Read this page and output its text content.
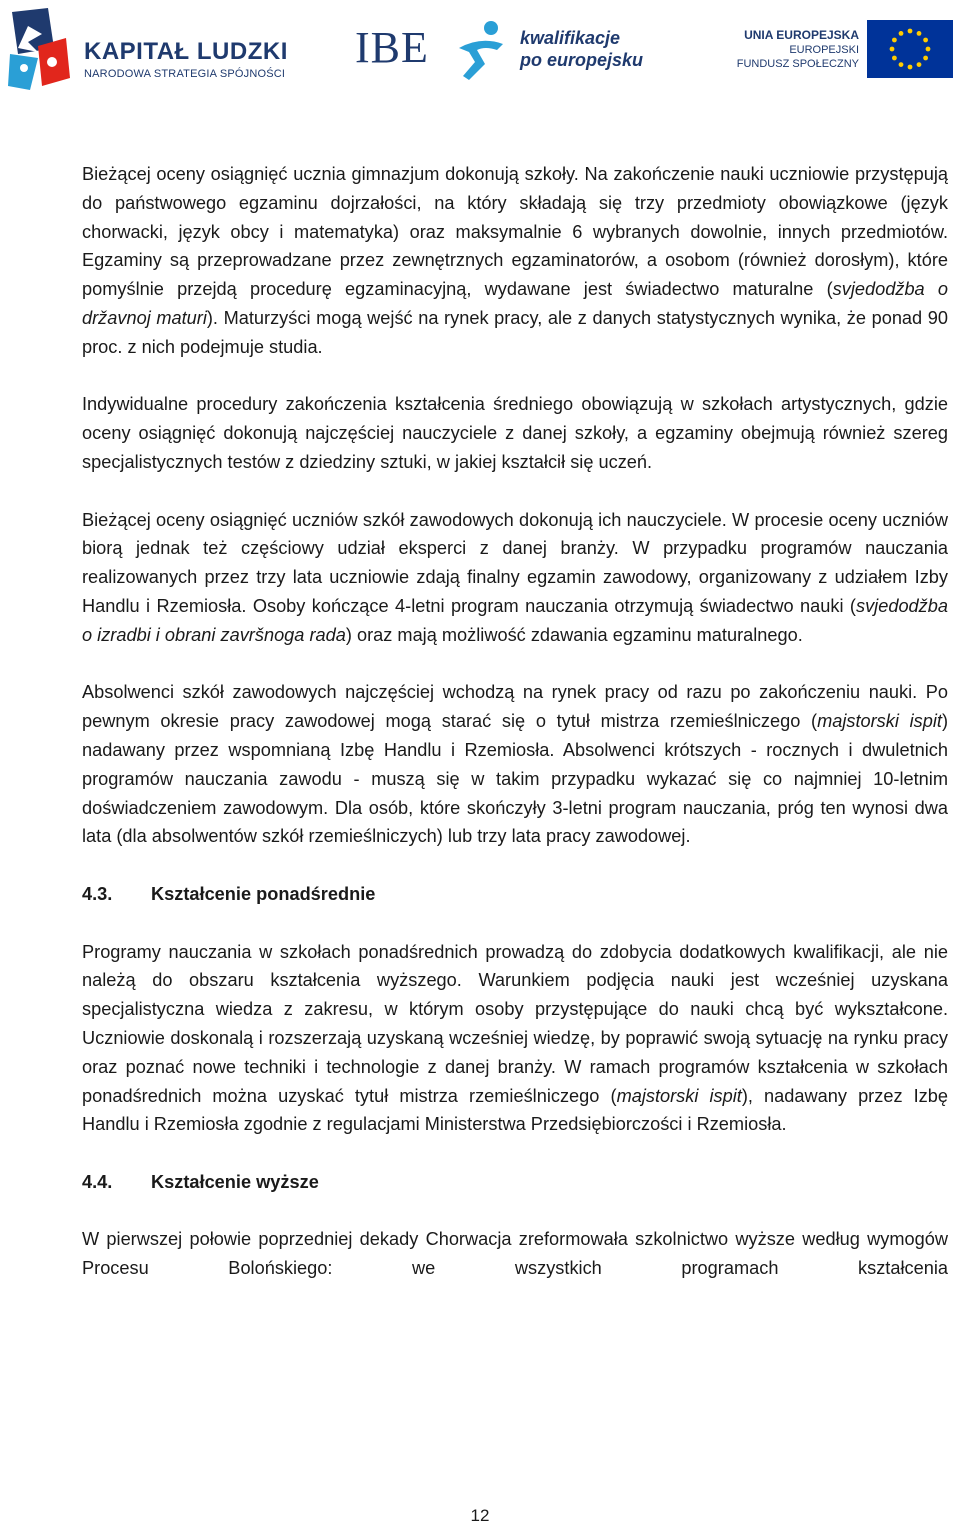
KAPITAŁ LUDZKI
NARODOWA STRATEGIA SPÓJNOŚCI
IBE	kwalifikacje
po europejsku
UNIA EUROPEJSKA
EUROPEJSKI
FUNDUSZ SPOŁECZNY

Bieżącej oceny osiągnięć ucznia gimnazjum dokonują szkoły. Na zakończenie nauki uczniowie przystępują do państwowego egzaminu dojrzałości, na który składają się trzy przedmioty obowiązkowe (język chorwacki, język obcy i matematyka) oraz maksymalnie 6 wybranych dowolnie, innych przedmiotów. Egzaminy są przeprowadzane przez zewnętrznych egzaminatorów, a osobom (również dorosłym), które pomyślnie przejdą procedurę egzaminacyjną, wydawane jest świadectwo maturalne (svjedodžba o državnoj maturi). Maturzyści mogą wejść na rynek pracy, ale z danych statystycznych wynika, że ponad 90 proc. z nich podejmuje studia.

Indywidualne procedury zakończenia kształcenia średniego obowiązują w szkołach artystycznych, gdzie oceny osiągnięć dokonują najczęściej nauczyciele z danej szkoły, a egzaminy obejmują również szereg specjalistycznych testów z dziedziny sztuki, w jakiej kształcił się uczeń.

Bieżącej oceny osiągnięć uczniów szkół zawodowych dokonują ich nauczyciele. W procesie oceny uczniów biorą jednak też częściowy udział eksperci z danej branży. W przypadku programów nauczania realizowanych przez trzy lata uczniowie zdają finalny egzamin zawodowy, organizowany z udziałem Izby Handlu i Rzemiosła. Osoby kończące 4-letni program nauczania otrzymują świadectwo nauki (svjedodžba o izradbi i obrani završnoga rada) oraz mają możliwość zdawania egzaminu maturalnego.

Absolwenci szkół zawodowych najczęściej wchodzą na rynek pracy od razu po zakończeniu nauki. Po pewnym okresie pracy zawodowej mogą starać się o tytuł mistrza rzemieślniczego (majstorski ispit) nadawany przez wspomnianą Izbę Handlu i Rzemiosła. Absolwenci krótszych - rocznych i dwuletnich programów nauczania zawodu - muszą się w takim przypadku wykazać się co najmniej 10-letnim doświadczeniem zawodowym. Dla osób, które skończyły 3-letni program nauczania, próg ten wynosi dwa lata (dla absolwentów szkół rzemieślniczych) lub trzy lata pracy zawodowej.

4.3.	Kształcenie ponadśrednie

Programy nauczania w szkołach ponadśrednich prowadzą do zdobycia dodatkowych kwalifikacji, ale nie należą do obszaru kształcenia wyższego. Warunkiem podjęcia nauki jest wcześniej uzyskana specjalistyczna wiedza z zakresu, w którym osoby przystępujące do nauki chcą być wykształcone. Uczniowie doskonalą i rozszerzają uzyskaną wcześniej wiedzę, by poprawić swoją sytuację na rynku pracy oraz poznać nowe techniki i technologie z danej branży. W ramach programów kształcenia w szkołach ponadśrednich można uzyskać tytuł mistrza rzemieślniczego (majstorski ispit), nadawany przez Izbę Handlu i Rzemiosła zgodnie z regulacjami Ministerstwa Przedsiębiorczości i Rzemiosła.

4.4.	Kształcenie wyższe

W pierwszej połowie poprzedniej dekady Chorwacja zreformowała szkolnictwo wyższe według wymogów Procesu Bolońskiego: we wszystkich programach kształcenia

12
